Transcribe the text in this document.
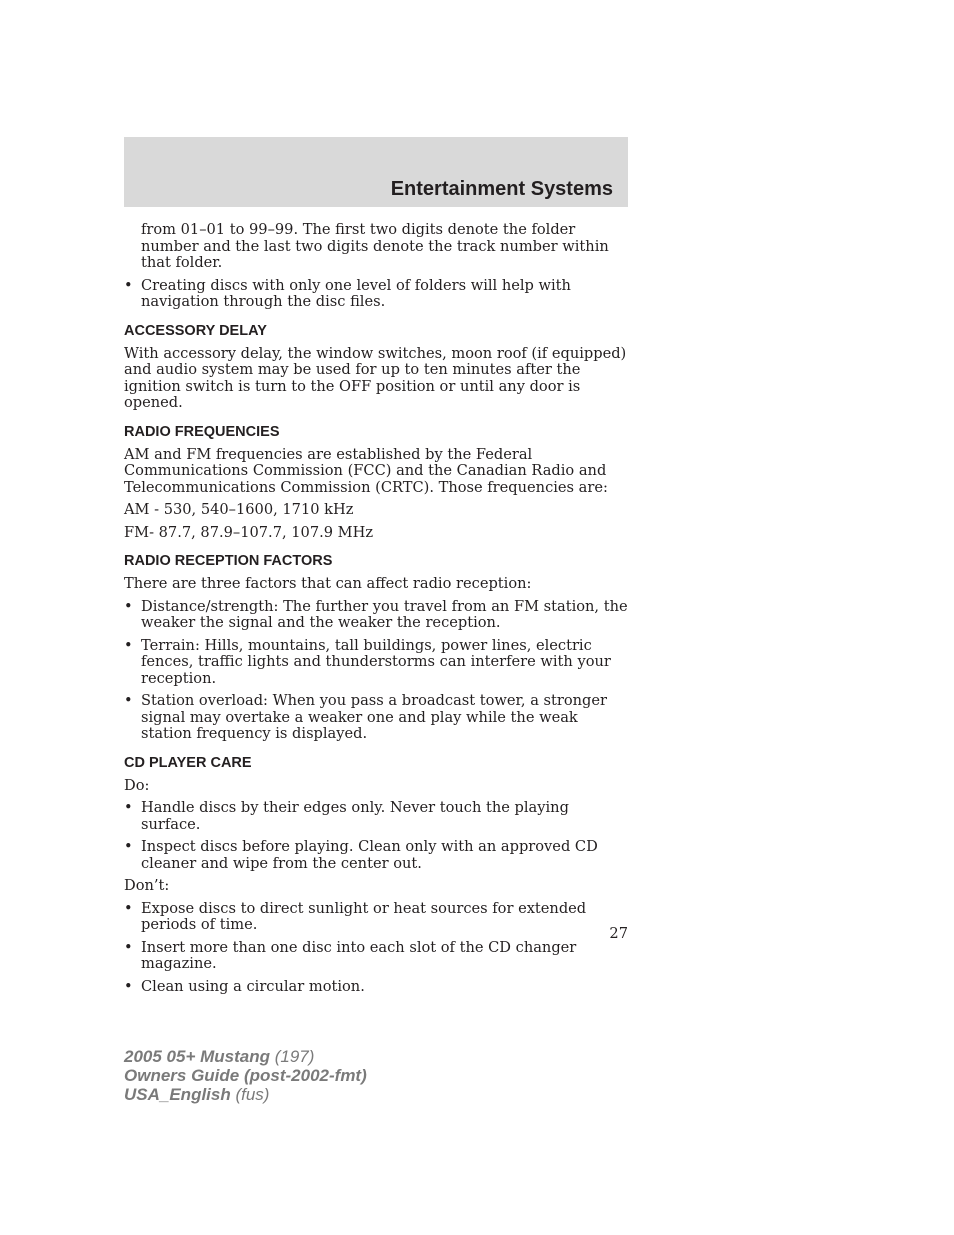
Entertainment Systems

from 01–01 to 99–99. The first two digits denote the folder number and the last two digits denote the track number within that folder.

• Creating discs with only one level of folders will help with navigation through the disc files.
ACCESSORY DELAY

With accessory delay, the window switches, moon roof (if equipped) and audio system may be used for up to ten minutes after the ignition switch is turn to the OFF position or until any door is opened.

RADIO FREQUENCIES

AM and FM frequencies are established by the Federal Communications Commission (FCC) and the Canadian Radio and Telecommunications Commission (CRTC). Those frequencies are:

AM - 530, 540–1600, 1710 kHz

FM- 87.7, 87.9–107.7, 107.9 MHz

RADIO RECEPTION FACTORS

There are three factors that can affect radio reception:

• Distance/strength: The further you travel from an FM station, the weaker the signal and the weaker the reception.
• Terrain: Hills, mountains, tall buildings, power lines, electric fences, traffic lights and thunderstorms can interfere with your reception.
• Station overload: When you pass a broadcast tower, a stronger signal may overtake a weaker one and play while the weak station frequency is displayed.
CD PLAYER CARE

Do:

• Handle discs by their edges only. Never touch the playing surface.
• Inspect discs before playing. Clean only with an approved CD cleaner and wipe from the center out.

Don’t:

• Expose discs to direct sunlight or heat sources for extended periods of time.
• Insert more than one disc into each slot of the CD changer magazine.
• Clean using a circular motion.
27
2005 05+ Mustang (197)
Owners Guide (post-2002-fmt)
USA_English (fus)
